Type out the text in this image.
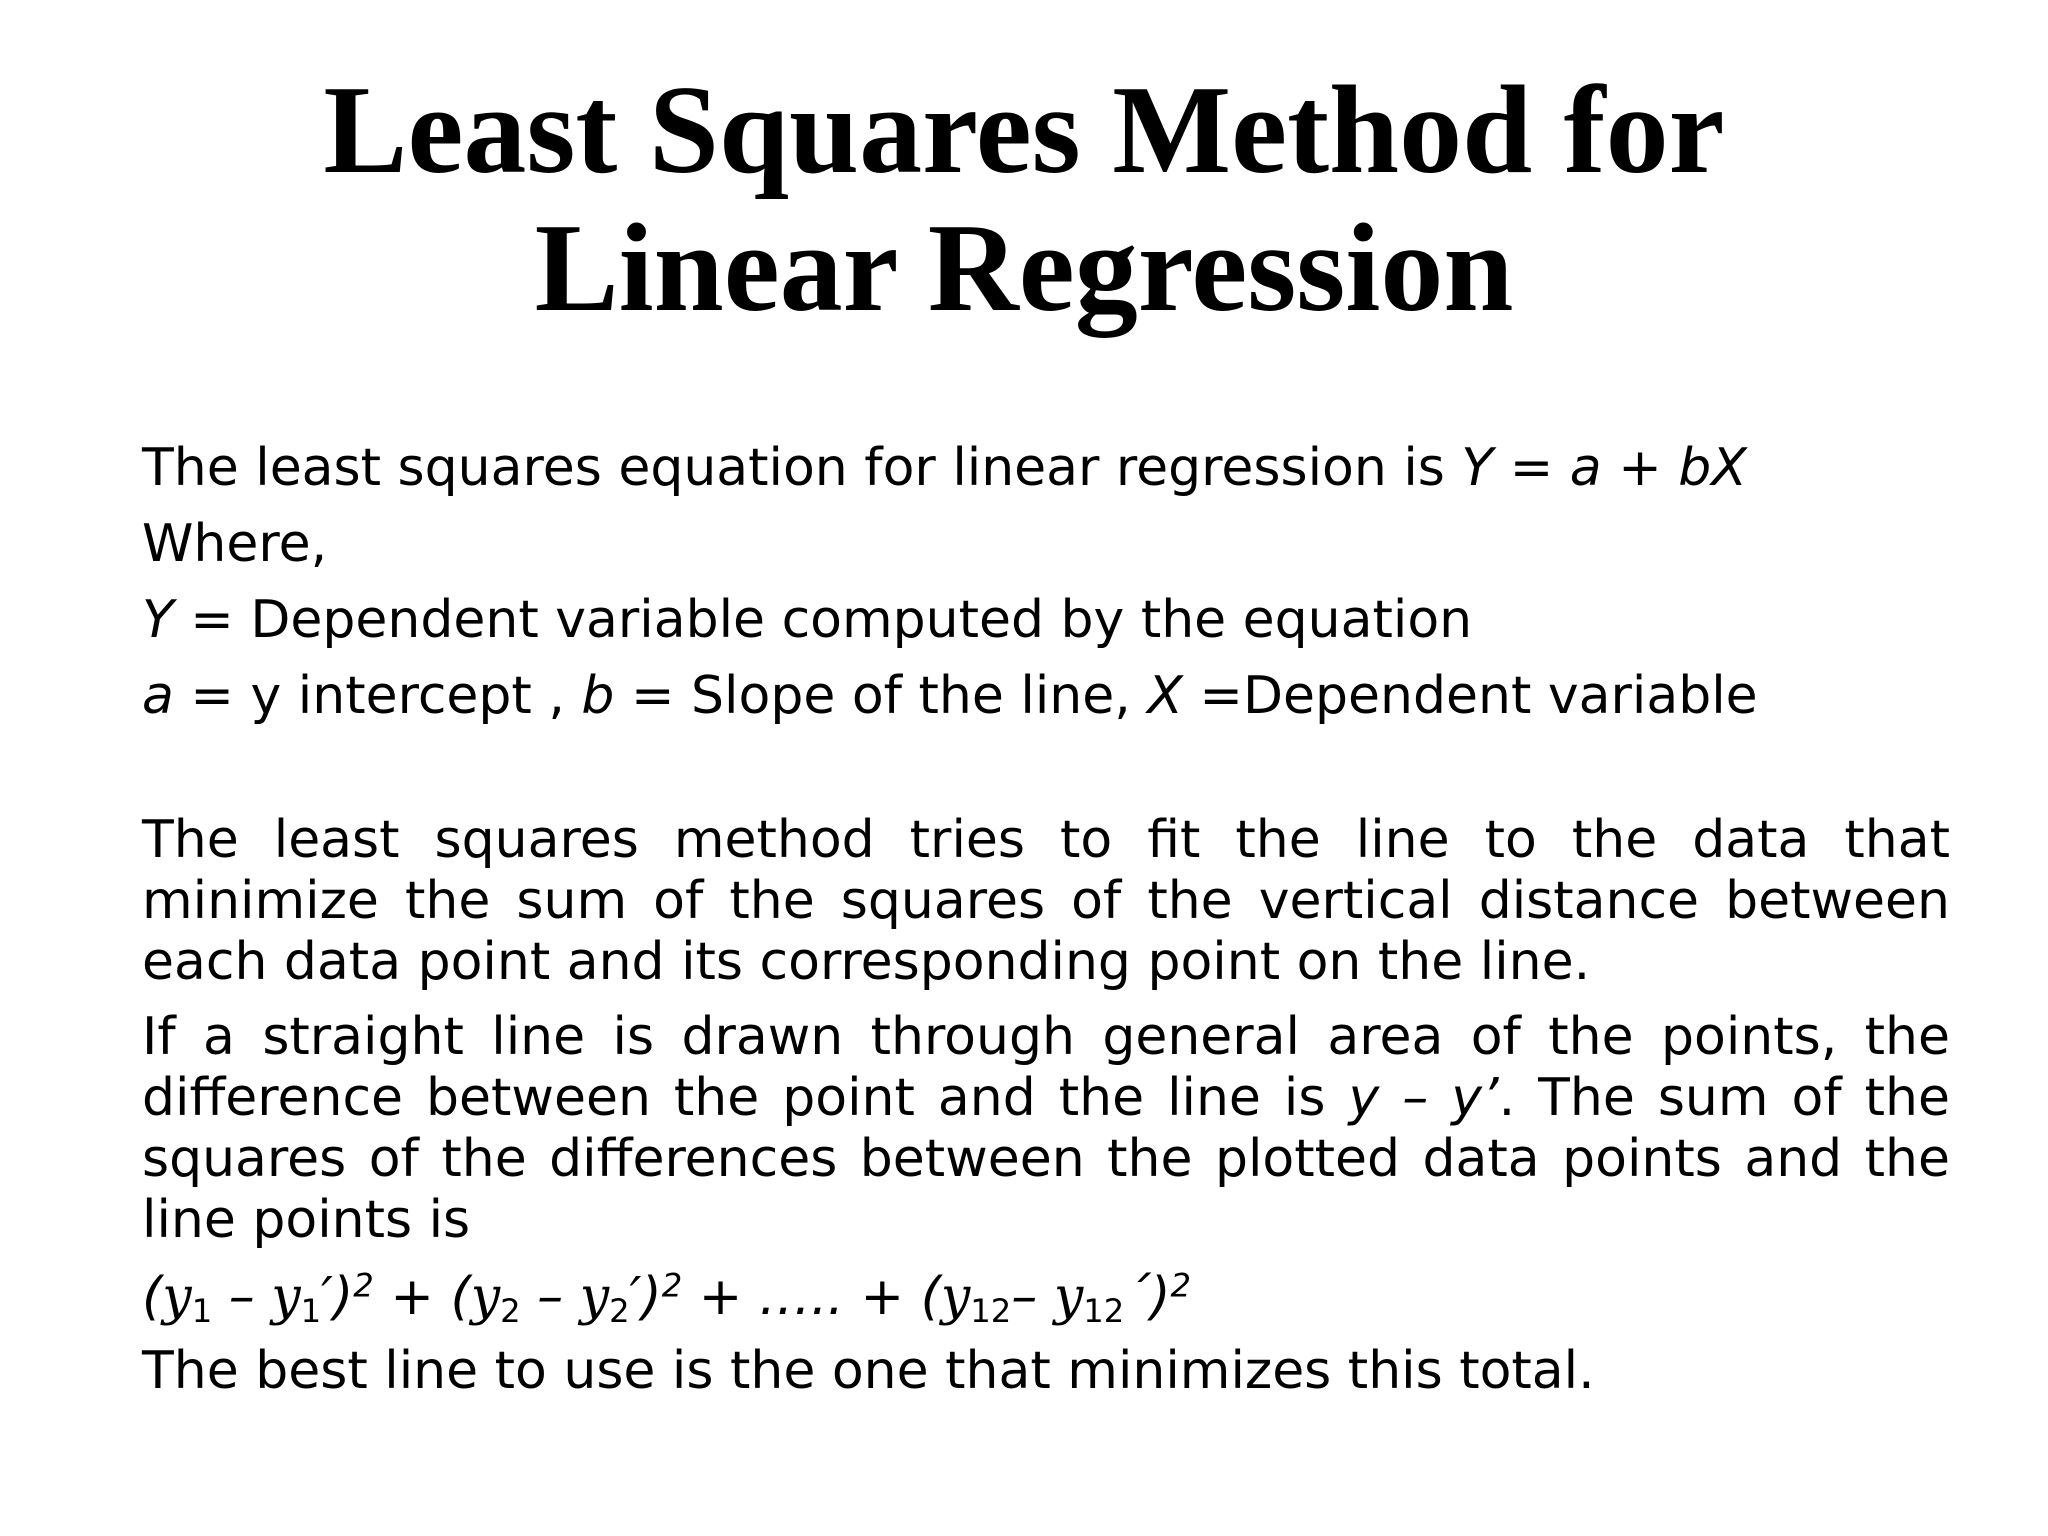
Least Squares Method for Linear Regression
The least squares equation for linear regression is Y = a + bX
Where,
Y = Dependent variable computed by the equation
a = y intercept , b = Slope of the line, X =Dependent variable
The least squares method tries to fit the line to the data that minimize the sum of the squares of the vertical distance between each data point and its corresponding point on the line.
If a straight line is drawn through general area of the points, the difference between the point and the line is y – y’. The sum of the squares of the differences between the plotted data points and the line points is
$(y_1 - y_1')^2 + (y_2 - y_2')^2$ + ….. + ($y_{12}-$ $y_{12}´)^2$
The best line to use is the one that minimizes this total.
